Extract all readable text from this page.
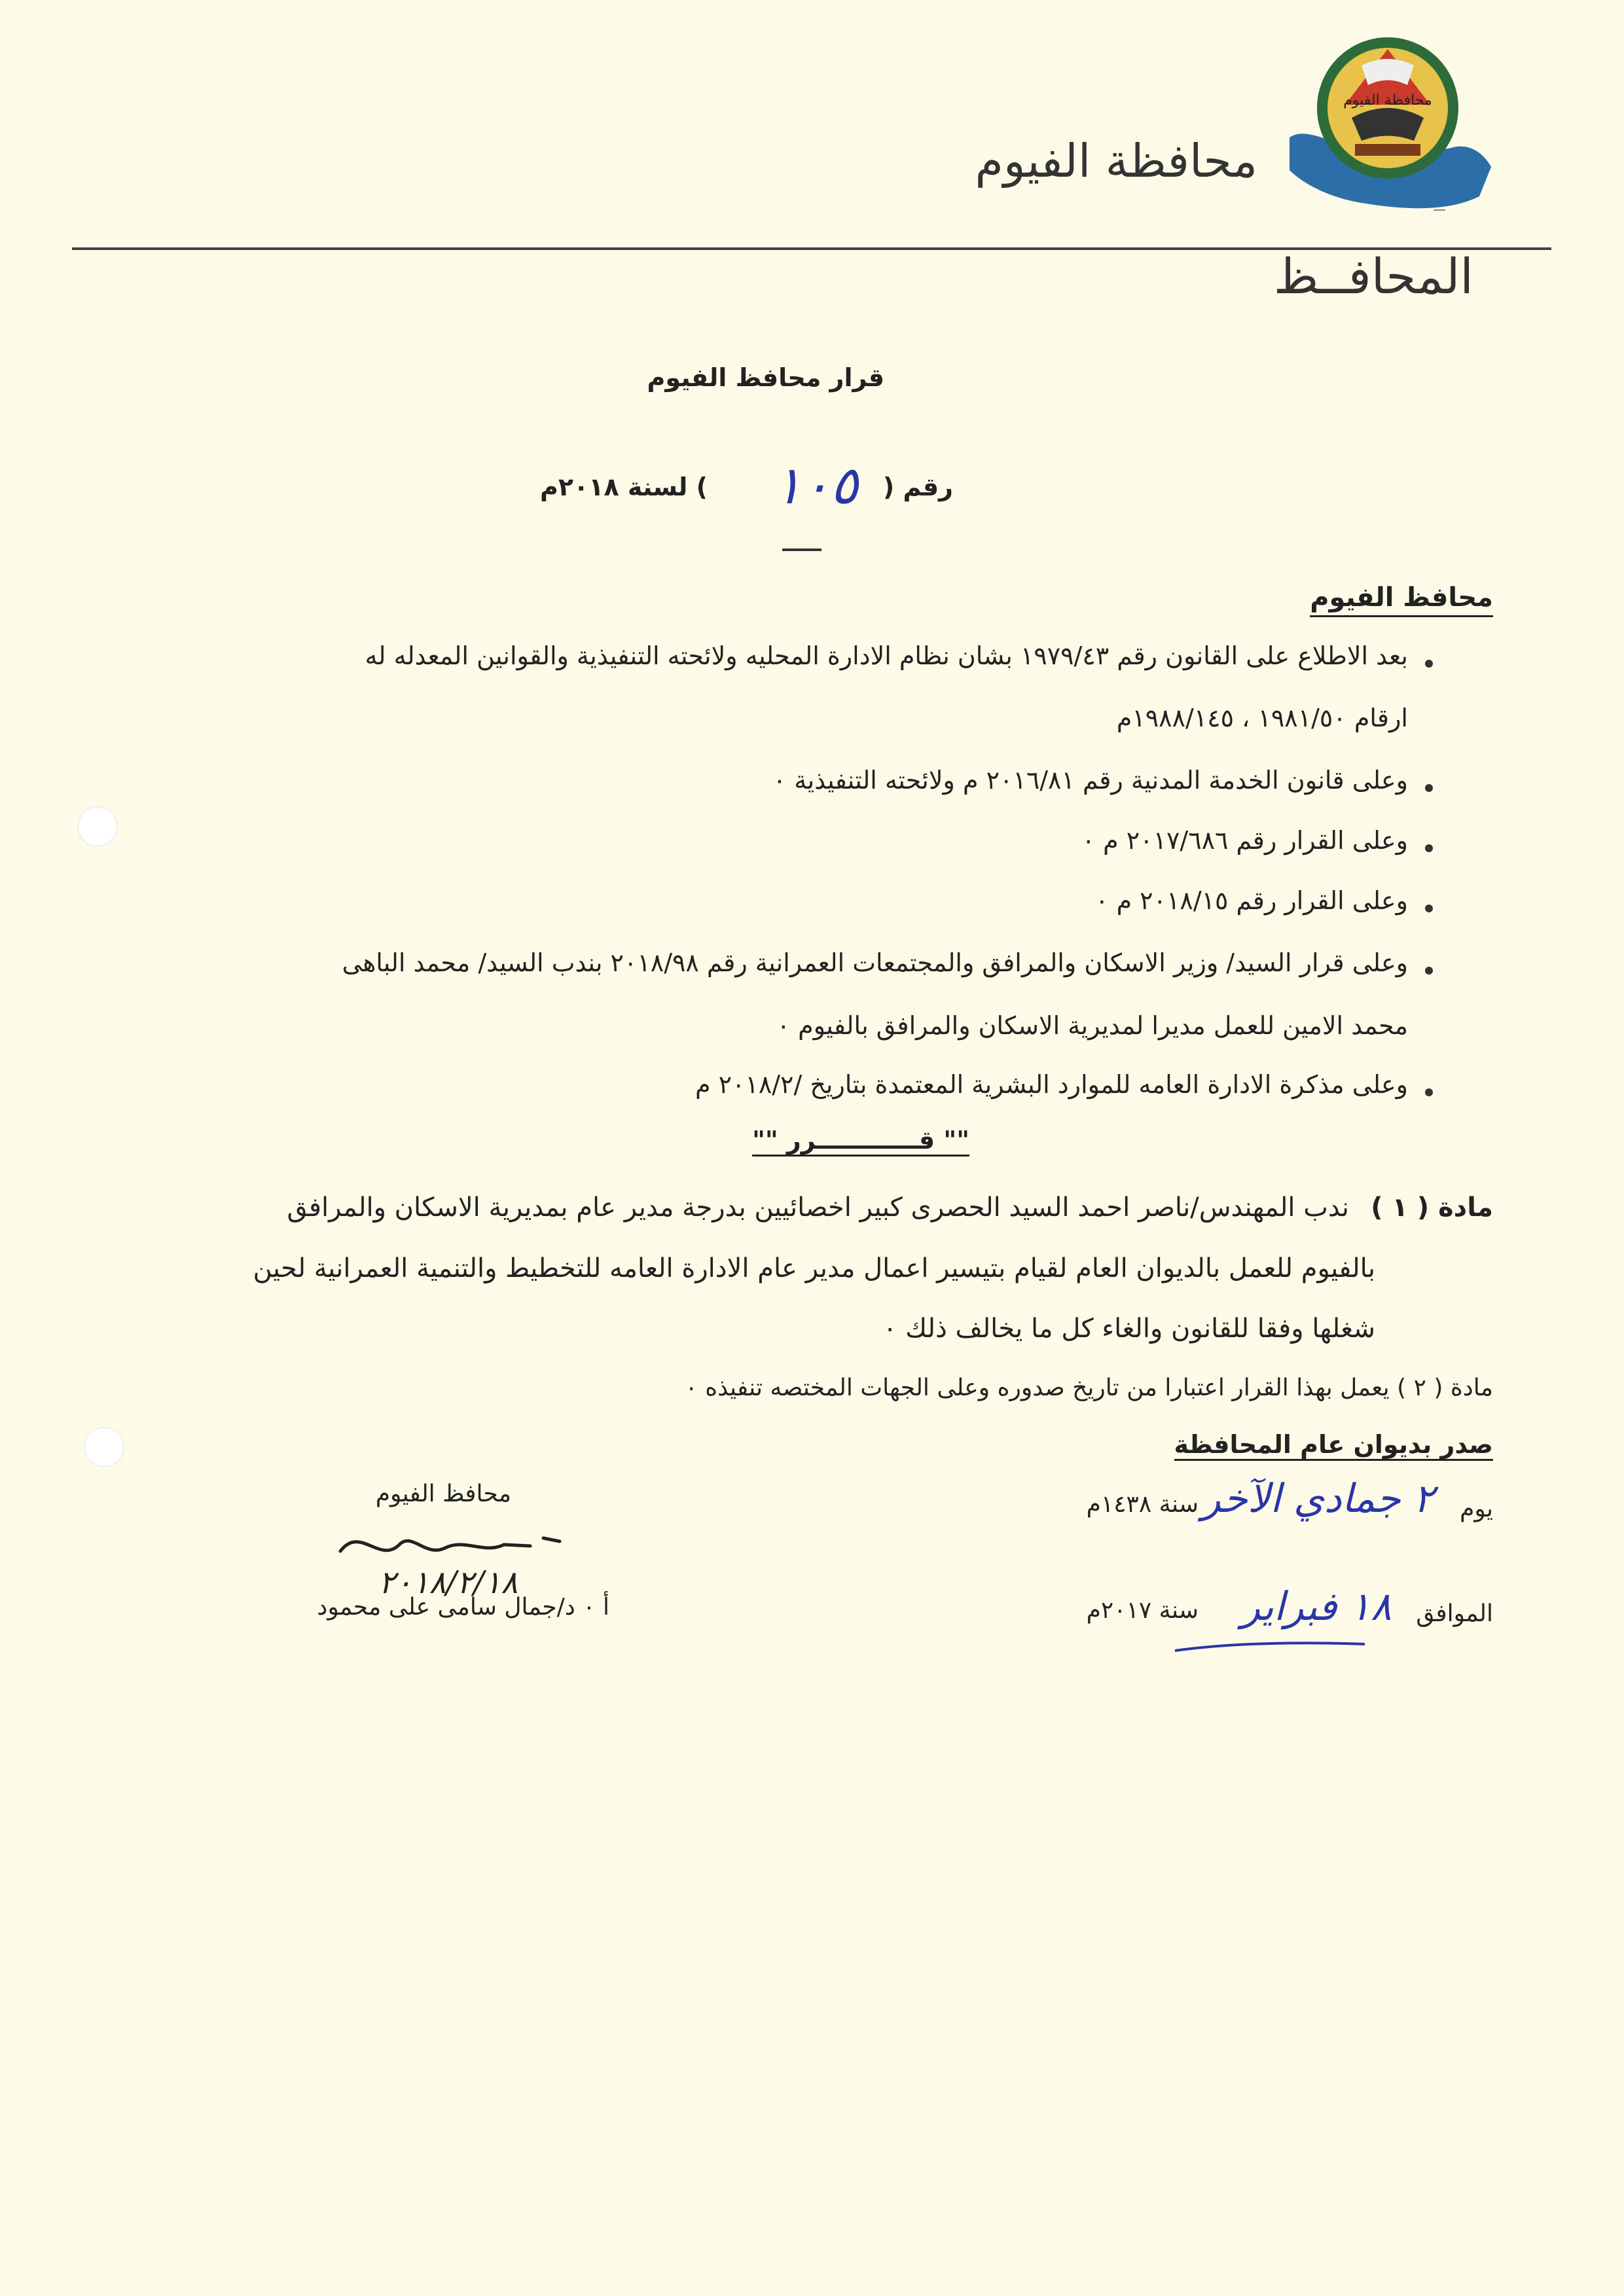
محافظة الفيوم
محافظة الفيوم
المحافــظ
قرار محافظ الفيوم
رقم (
١٠٥
) لسنة ٢٠١٨م
محافظ الفيوم
بعد الاطلاع على القانون رقم ١٩٧٩/٤٣ بشان نظام الادارة المحليه ولائحته التنفيذية والقوانين المعدله له
ارقام ١٩٨١/٥٠ ، ١٩٨٨/١٤٥م
وعلى قانون الخدمة المدنية رقم ٢٠١٦/٨١ م ولائحته التنفيذية ٠
وعلى القرار رقم ٢٠١٧/٦٨٦ م ٠
وعلى القرار رقم ٢٠١٨/١٥ م ٠
وعلى قرار السيد/ وزير الاسكان والمرافق والمجتمعات العمرانية رقم ٢٠١٨/٩٨ بندب السيد/ محمد الباهى
محمد الامين للعمل مديرا لمديرية الاسكان والمرافق بالفيوم ٠
وعلى مذكرة الادارة العامه للموارد البشرية المعتمدة بتاريخ /٢٠١٨/٢ م
"" قــــــــــــرر ""
مادة ( ١ )
ندب المهندس/ناصر احمد السيد الحصرى كبير اخصائيين بدرجة مدير عام بمديرية الاسكان والمرافق
بالفيوم للعمل بالديوان العام لقيام بتيسير اعمال مدير عام الادارة العامه للتخطيط والتنمية العمرانية لحين
شغلها وفقا للقانون والغاء كل ما يخالف ذلك ٠
مادة ( ٢ ) يعمل بهذا القرار اعتبارا من تاريخ صدوره وعلى الجهات المختصه تنفيذه ٠
صدر بديوان عام المحافظة
يوم
٢ جمادي الآخر
سنة ١٤٣٨م
الموافق
١٨ فبراير
سنة ٢٠١٧م
محافظ الفيوم
٢٠١٨/٢/١٨
أ ٠ د/جمال سامى على محمود
